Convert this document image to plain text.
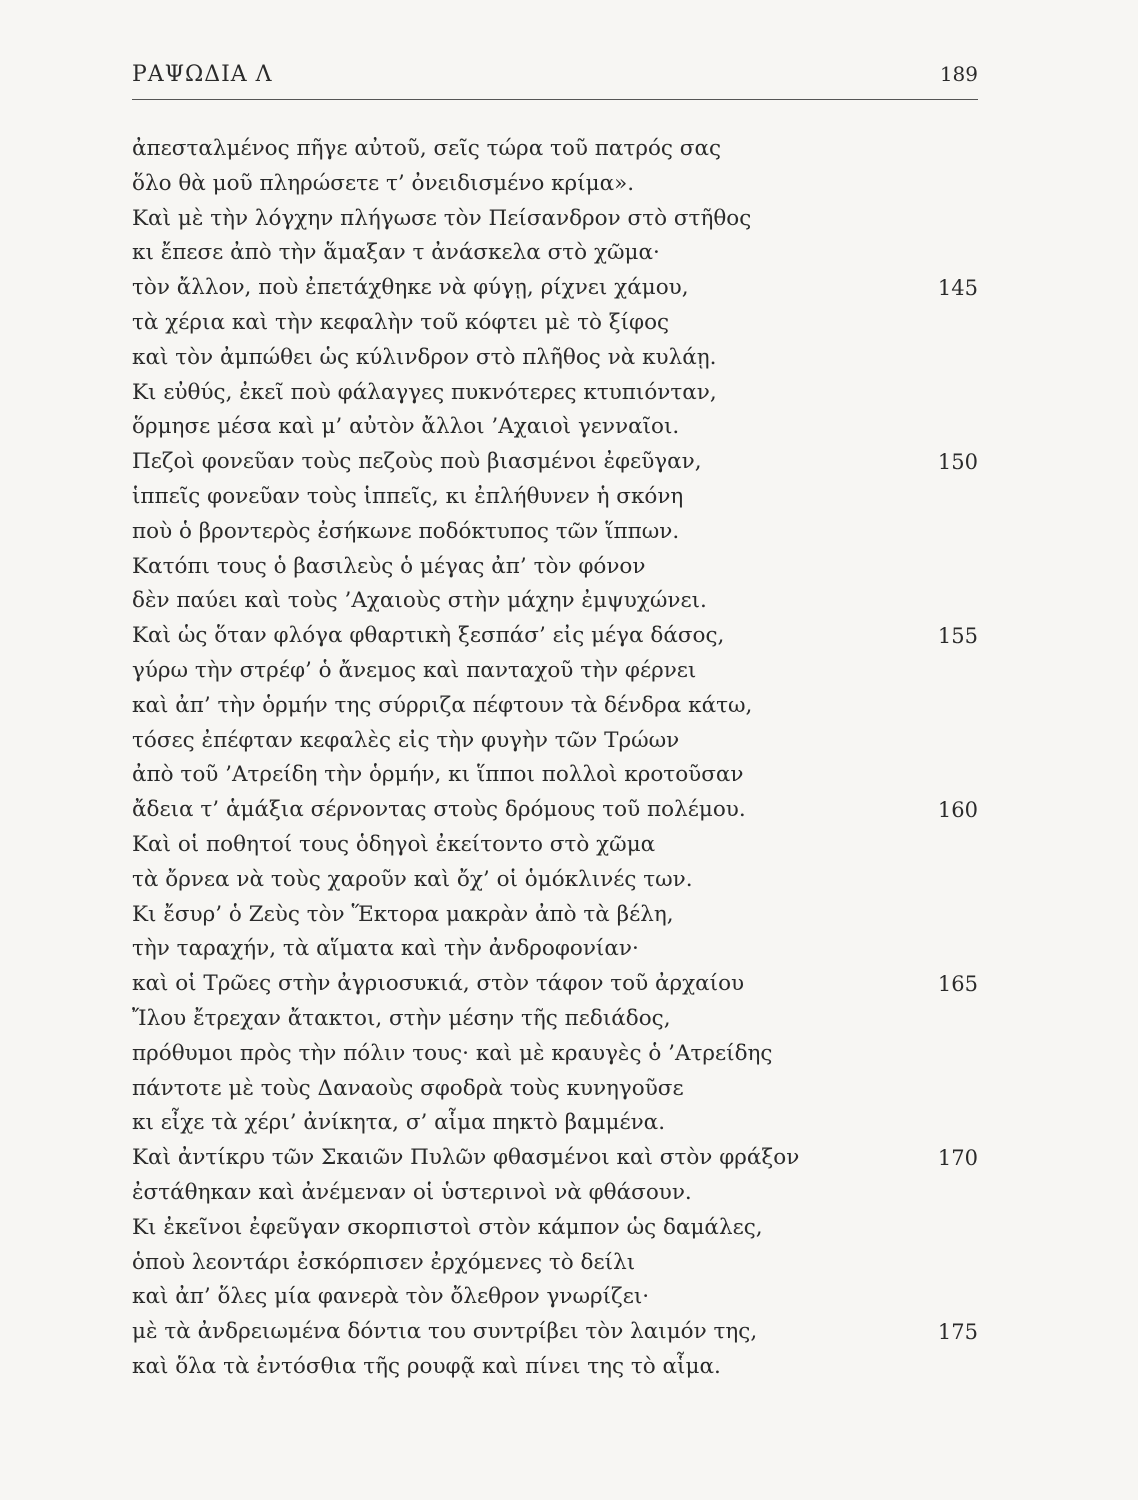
ΡΑΨΩΔΙΑ Λ	189
ἀπεσταλμένος πῆγε αὐτοῦ, σεῖς τώρα τοῦ πατρός σας
ὅλο θὰ μοῦ πληρώσετε τ’ ὀνειδισμένο κρίμα».
Καὶ μὲ τὴν λόγχην πλήγωσε τὸν Πείσανδρον στὸ στῆθος
κι ἔπεσε ἀπὸ τὴν ἅμαξαν τ ἀνάσκελα στὸ χῶμα·
τὸν ἄλλον, ποὺ ἐπετάχθηκε νὰ φύγῃ, ρίχνει χάμου,	145
τὰ χέρια καὶ τὴν κεφαλὴν τοῦ κόφτει μὲ τὸ ξίφος
καὶ τὸν ἀμπώθει ὡς κύλινδρον στὸ πλῆθος νὰ κυλάῃ.
Κι εὐθύς, ἐκεῖ ποὺ φάλαγγες πυκνότερες κτυπιόνταν,
ὅρμησε μέσα καὶ μ’ αὐτὸν ἄλλοι ’Αχαιοὶ γενναῖοι.
Πεζοὶ φονεῦαν τοὺς πεζοὺς ποὺ βιασμένοι ἐφεῦγαν,	150
ἱππεῖς φονεῦαν τοὺς ἱππεῖς, κι ἐπλήθυνεν ἡ σκόνη
ποὺ ὁ βροντερὸς ἐσήκωνε ποδόκτυπος τῶν ἵππων.
Κατόπι τους ὁ βασιλεὺς ὁ μέγας ἀπ’ τὸν φόνον
δὲν παύει καὶ τοὺς ’Αχαιοὺς στὴν μάχην ἐμψυχώνει.
Καὶ ὡς ὅταν φλόγα φθαρτικὴ ξεσπάσ’ εἰς μέγα δάσος,	155
γύρω τὴν στρέφ’ ὁ ἄνεμος καὶ πανταχοῦ τὴν φέρνει
καὶ ἀπ’ τὴν ὁρμήν της σύρριζα πέφτουν τὰ δένδρα κάτω,
τόσες ἐπέφταν κεφαλὲς εἰς τὴν φυγὴν τῶν Τρώων
ἀπὸ τοῦ ’Ατρείδη τὴν ὁρμήν, κι ἵπποι πολλοὶ κροτοῦσαν
ἄδεια τ’ ἁμάξια σέρνοντας στοὺς δρόμους τοῦ πολέμου.	160
Καὶ οἱ ποθητοί τους ὁδηγοὶ ἐκείτοντο στὸ χῶμα
τὰ ὄρνεα νὰ τοὺς χαροῦν καὶ ὄχ’ οἱ ὁμόκλινές των.
Κι ἔσυρ’ ὁ Ζεὺς τὸν Ἕκτορα μακρὰν ἀπὸ τὰ βέλη,
τὴν ταραχήν, τὰ αἵματα καὶ τὴν ἀνδροφονίαν·
καὶ οἱ Τρῶες στὴν ἀγριοσυκιά, στὸν τάφον τοῦ ἀρχαίου	165
Ἴλου ἔτρεχαν ἄτακτοι, στὴν μέσην τῆς πεδιάδος,
πρόθυμοι πρὸς τὴν πόλιν τους· καὶ μὲ κραυγὲς ὁ ’Ατρείδης
πάντοτε μὲ τοὺς Δαναοὺς σφοδρὰ τοὺς κυνηγοῦσε
κι εἶχε τὰ χέρι’ ἀνίκητα, σ’ αἷμα πηκτὸ βαμμένα.
Καὶ ἀντίκρυ τῶν Σκαιῶν Πυλῶν φθασμένοι καὶ στὸν φράξον	170
ἐστάθηκαν καὶ ἀνέμεναν οἱ ὑστερινοὶ νὰ φθάσουν.
Κι ἐκεῖνοι ἐφεῦγαν σκορπιστοὶ στὸν κάμπον ὡς δαμάλες,
ὁποὺ λεοντάρι ἐσκόρπισεν ἐρχόμενες τὸ δείλι
καὶ ἀπ’ ὅλες μία φανερὰ τὸν ὄλεθρον γνωρίζει·
μὲ τὰ ἀνδρειωμένα δόντια του συντρίβει τὸν λαιμόν της,	175
καὶ ὅλα τὰ ἐντόσθια τῆς ρουφᾷ καὶ πίνει της τὸ αἷμα.
